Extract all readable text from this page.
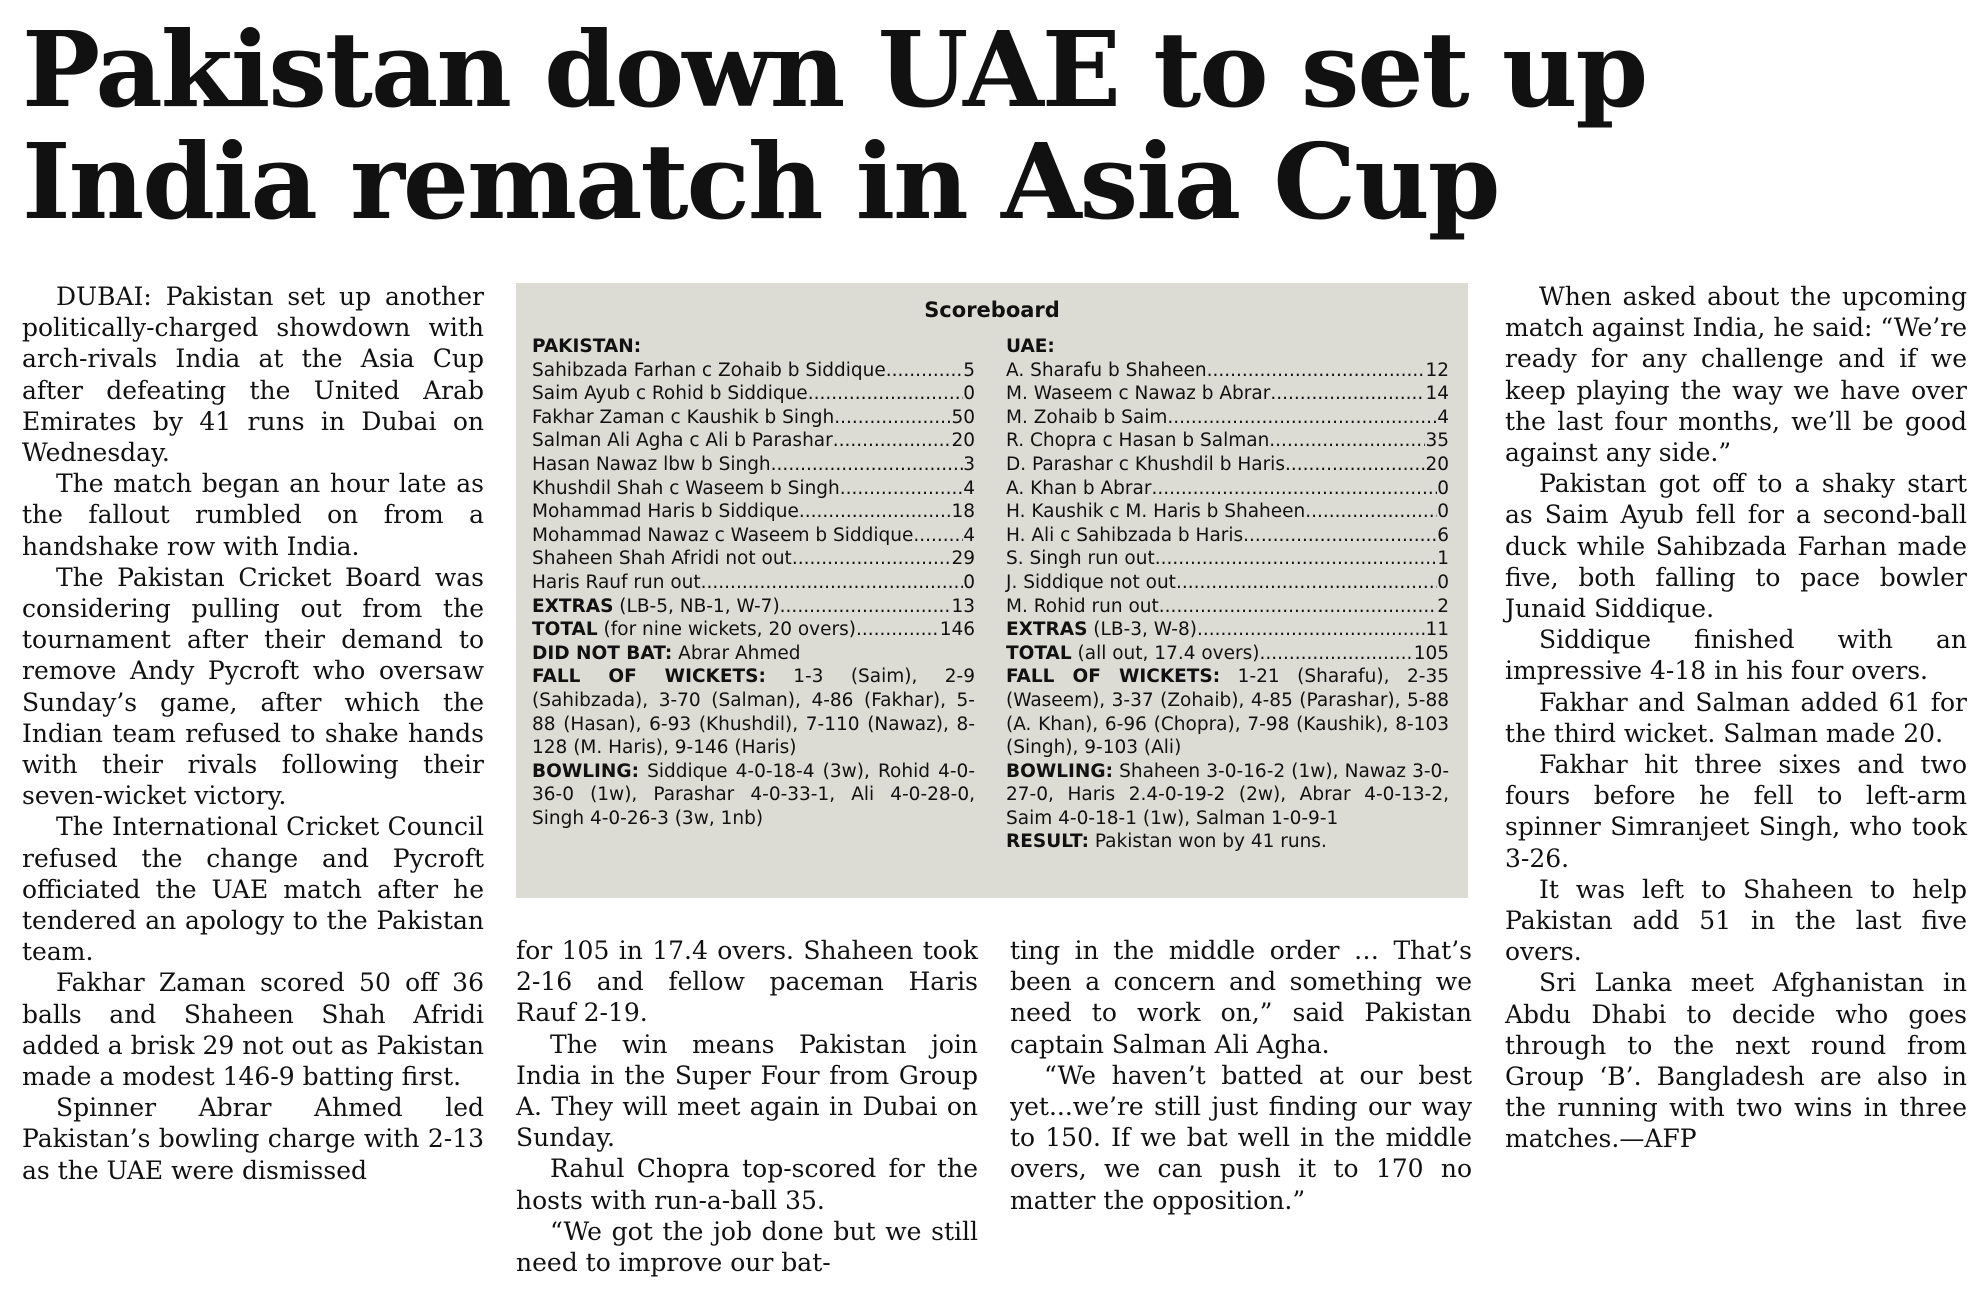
Pakistan down UAE to set up India rematch in Asia Cup

DUBAI: Pakistan set up another politically-charged showdown with arch-rivals India at the Asia Cup after defeating the United Arab Emirates by 41 runs in Dubai on Wednesday.

The match began an hour late as the fallout rumbled on from a handshake row with India.

The Pakistan Cricket Board was considering pulling out from the tournament after their demand to remove Andy Pycroft who oversaw Sunday’s game, after which the Indian team refused to shake hands with their rivals following their seven-wicket victory.

The International Cricket Council refused the change and Pycroft officiated the UAE match after he tendered an apology to the Pakistan team.

Fakhar Zaman scored 50 off 36 balls and Shaheen Shah Afridi added a brisk 29 not out as Pakistan made a modest 146-9 batting first.

Spinner Abrar Ahmed led Pakistan’s bowling charge with 2-13 as the UAE were dismissed

Scoreboard
PAKISTAN:
Sahibzada Farhan c Zohaib b Siddique .....	5
Saim Ayub c Rohid b Siddique .....	0
Fakhar Zaman c Kaushik b Singh .....	50
Salman Ali Agha c Ali b Parashar .....	20
Hasan Nawaz lbw b Singh .....	3
Khushdil Shah c Waseem b Singh .....	4
Mohammad Haris b Siddique .....	18
Mohammad Nawaz c Waseem b Siddique .....	4
Shaheen Shah Afridi not out .....	29
Haris Rauf run out .....	0
EXTRAS (LB-5, NB-1, W-7) .....	13
TOTAL (for nine wickets, 20 overs) .....	146
DID NOT BAT: Abrar Ahmed
FALL OF WICKETS: 1-3 (Saim), 2-9 (Sahibzada), 3-70 (Salman), 4-86 (Fakhar), 5-88 (Hasan), 6-93 (Khushdil), 7-110 (Nawaz), 8-128 (M. Haris), 9-146 (Haris)
BOWLING: Siddique 4-0-18-4 (3w), Rohid 4-0-36-0 (1w), Parashar 4-0-33-1, Ali 4-0-28-0, Singh 4-0-26-3 (3w, 1nb)
UAE:
A. Sharafu b Shaheen .....	12
M. Waseem c Nawaz b Abrar .....	14
M. Zohaib b Saim .....	4
R. Chopra c Hasan b Salman .....	35
D. Parashar c Khushdil b Haris .....	20
A. Khan b Abrar .....	0
H. Kaushik c M. Haris b Shaheen .....	0
H. Ali c Sahibzada b Haris .....	6
S. Singh run out .....	1
J. Siddique not out .....	0
M. Rohid run out .....	2
EXTRAS (LB-3, W-8) .....	11
TOTAL (all out, 17.4 overs) .....	105
FALL OF WICKETS: 1-21 (Sharafu), 2-35 (Waseem), 3-37 (Zohaib), 4-85 (Parashar), 5-88 (A. Khan), 6-96 (Chopra), 7-98 (Kaushik), 8-103 (Singh), 9-103 (Ali)
BOWLING: Shaheen 3-0-16-2 (1w), Nawaz 3-0-27-0, Haris 2.4-0-19-2 (2w), Abrar 4-0-13-2, Saim 4-0-18-1 (1w), Salman 1-0-9-1
RESULT: Pakistan won by 41 runs.

for 105 in 17.4 overs. Shaheen took 2-16 and fellow paceman Haris Rauf 2-19.

The win means Pakistan join India in the Super Four from Group A. They will meet again in Dubai on Sunday.

Rahul Chopra top-scored for the hosts with run-a-ball 35.

“We got the job done but we still need to improve our bat-

ting in the middle order … That’s been a concern and something we need to work on,” said Pakistan captain Salman Ali Agha.

“We haven’t batted at our best yet...we’re still just finding our way to 150. If we bat well in the middle overs, we can push it to 170 no matter the opposition.”

When asked about the upcoming match against India, he said: “We’re ready for any challenge and if we keep playing the way we have over the last four months, we’ll be good against any side.”

Pakistan got off to a shaky start as Saim Ayub fell for a second-ball duck while Sahibzada Farhan made five, both falling to pace bowler Junaid Siddique.

Siddique finished with an impressive 4-18 in his four overs.

Fakhar and Salman added 61 for the third wicket. Salman made 20.

Fakhar hit three sixes and two fours before he fell to left-arm spinner Simranjeet Singh, who took 3-26.

It was left to Shaheen to help Pakistan add 51 in the last five overs.

Sri Lanka meet Afghanistan in Abdu Dhabi to decide who goes through to the next round from Group ‘B’. Bangladesh are also in the running with two wins in three matches.—AFP
